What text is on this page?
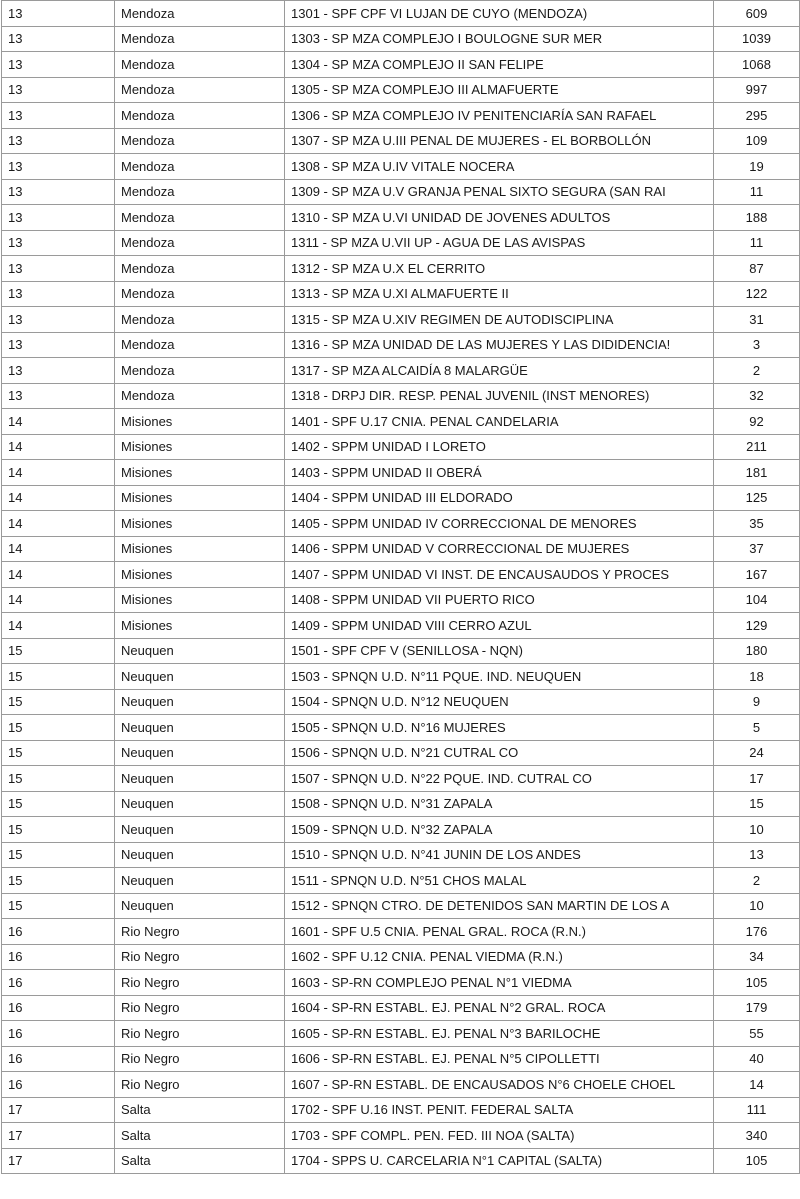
13	Mendoza	1301 - SPF CPF VI LUJAN DE CUYO (MENDOZA)	609
13	Mendoza	1303 - SP MZA COMPLEJO I BOULOGNE SUR MER	1039
13	Mendoza	1304 - SP MZA COMPLEJO II SAN FELIPE	1068
13	Mendoza	1305 - SP MZA COMPLEJO III ALMAFUERTE	997
13	Mendoza	1306 - SP MZA COMPLEJO IV PENITENCIARÍA SAN RAFAEL	295
13	Mendoza	1307 - SP MZA U.III PENAL DE MUJERES - EL BORBOLLÓN	109
13	Mendoza	1308 - SP MZA U.IV VITALE NOCERA	19
13	Mendoza	1309 - SP MZA U.V GRANJA PENAL SIXTO SEGURA (SAN RAI	11
13	Mendoza	1310 - SP MZA U.VI UNIDAD DE JOVENES ADULTOS	188
13	Mendoza	1311 - SP MZA U.VII UP - AGUA DE LAS AVISPAS	11
13	Mendoza	1312 - SP MZA U.X EL CERRITO	87
13	Mendoza	1313 - SP MZA U.XI ALMAFUERTE II	122
13	Mendoza	1315 - SP MZA U.XIV REGIMEN DE AUTODISCIPLINA	31
13	Mendoza	1316 - SP MZA UNIDAD DE LAS MUJERES Y LAS DIDIDENCIA!	3
13	Mendoza	1317 - SP MZA ALCAIDÍA 8 MALARGÜE	2
13	Mendoza	1318 - DRPJ DIR. RESP. PENAL JUVENIL (INST MENORES)	32
14	Misiones	1401 - SPF U.17 CNIA. PENAL CANDELARIA	92
14	Misiones	1402 - SPPM UNIDAD I LORETO	211
14	Misiones	1403 - SPPM UNIDAD II OBERÁ	181
14	Misiones	1404 - SPPM UNIDAD III ELDORADO	125
14	Misiones	1405 - SPPM UNIDAD IV CORRECCIONAL DE MENORES	35
14	Misiones	1406 - SPPM UNIDAD V CORRECCIONAL DE MUJERES	37
14	Misiones	1407 - SPPM UNIDAD VI INST. DE ENCAUSAUDOS Y PROCES	167
14	Misiones	1408 - SPPM UNIDAD VII PUERTO RICO	104
14	Misiones	1409 - SPPM UNIDAD VIII CERRO AZUL	129
15	Neuquen	1501 - SPF CPF V (SENILLOSA - NQN)	180
15	Neuquen	1503 - SPNQN U.D. N°11 PQUE. IND. NEUQUEN	18
15	Neuquen	1504 - SPNQN U.D. N°12 NEUQUEN	9
15	Neuquen	1505 - SPNQN U.D. N°16 MUJERES	5
15	Neuquen	1506 - SPNQN U.D. N°21 CUTRAL CO	24
15	Neuquen	1507 - SPNQN U.D. N°22 PQUE. IND. CUTRAL CO	17
15	Neuquen	1508 - SPNQN U.D. N°31 ZAPALA	15
15	Neuquen	1509 - SPNQN U.D. N°32 ZAPALA	10
15	Neuquen	1510 - SPNQN U.D. N°41 JUNIN DE LOS ANDES	13
15	Neuquen	1511 - SPNQN U.D. N°51 CHOS MALAL	2
15	Neuquen	1512 - SPNQN CTRO. DE DETENIDOS SAN MARTIN DE LOS A	10
16	Rio Negro	1601 - SPF U.5 CNIA. PENAL GRAL. ROCA (R.N.)	176
16	Rio Negro	1602 - SPF U.12 CNIA. PENAL VIEDMA (R.N.)	34
16	Rio Negro	1603 - SP-RN COMPLEJO PENAL N°1 VIEDMA	105
16	Rio Negro	1604 - SP-RN ESTABL. EJ. PENAL N°2 GRAL. ROCA	179
16	Rio Negro	1605 - SP-RN ESTABL. EJ. PENAL N°3 BARILOCHE	55
16	Rio Negro	1606 - SP-RN ESTABL. EJ. PENAL N°5 CIPOLLETTI	40
16	Rio Negro	1607 - SP-RN ESTABL. DE ENCAUSADOS N°6 CHOELE CHOEL	14
17	Salta	1702 - SPF U.16 INST. PENIT. FEDERAL SALTA	111
17	Salta	1703 - SPF COMPL. PEN. FED. III NOA (SALTA)	340
17	Salta	1704 - SPPS U. CARCELARIA N°1 CAPITAL (SALTA)	105
